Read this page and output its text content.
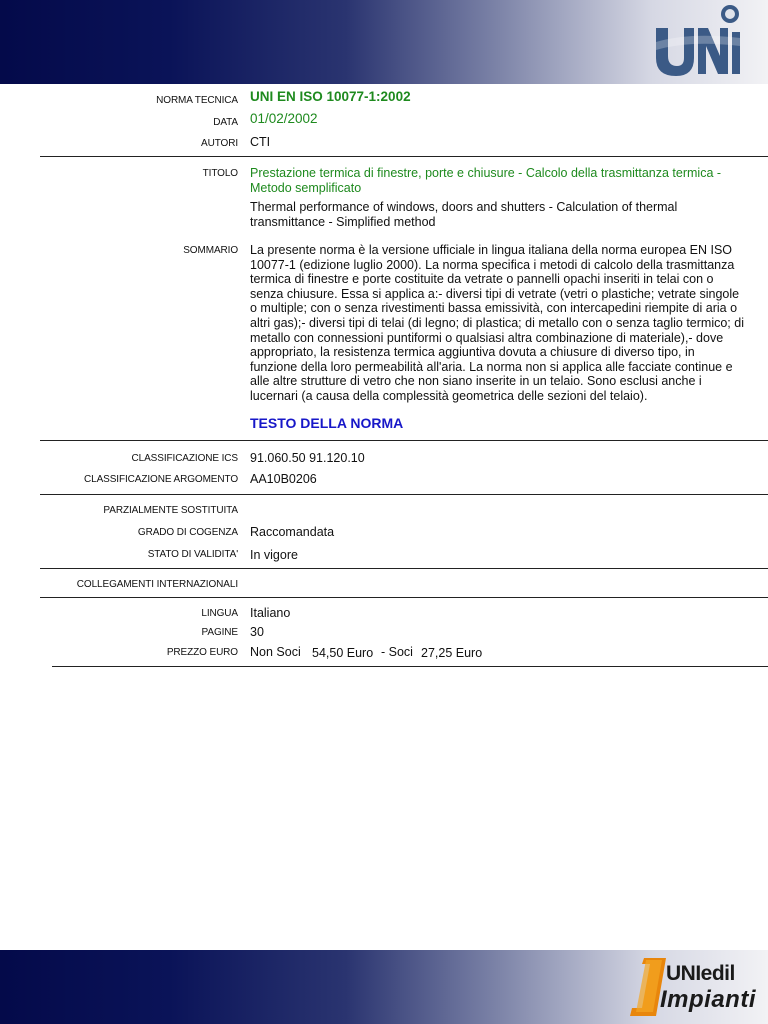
NORMA TECNICA UNI EN ISO 10077-1:2002
DATA 01/02/2002
AUTORI CTI
TITOLO Prestazione termica di finestre, porte e chiusure - Calcolo della trasmittanza termica - Metodo semplificato
Thermal performance of windows, doors and shutters - Calculation of thermal transmittance - Simplified method
SOMMARIO La presente norma è la versione ufficiale in lingua italiana della norma europea EN ISO 10077-1 (edizione luglio 2000). La norma specifica i metodi di calcolo della trasmittanza termica di finestre e porte costituite da vetrate o pannelli opachi inseriti in telai con o senza chiusure. Essa si applica a:- diversi tipi di vetrate (vetri o plastiche; vetrate singole o multiple; con o senza rivestimenti bassa emissività, con intercapedini riempite di aria o altri gas);- diversi tipi di telai (di legno; di plastica; di metallo con o senza taglio termico; di metallo con connessioni puntiformi o qualsiasi altra combinazione di materiale),- dove appropriato, la resistenza termica aggiuntiva dovuta a chiusure di diverso tipo, in funzione della loro permeabilità all'aria. La norma non si applica alle facciate continue e alle altre strutture di vetro che non siano inserite in un telaio. Sono esclusi anche i lucernari (a causa della complessità geometrica delle sezioni del telaio).
TESTO DELLA NORMA
CLASSIFICAZIONE ICS 91.060.50 91.120.10
CLASSIFICAZIONE ARGOMENTO AA10B0206
PARZIALMENTE SOSTITUITA
GRADO DI COGENZA Raccomandata
STATO DI VALIDITA' In vigore
COLLEGAMENTI INTERNAZIONALI
LINGUA Italiano
PAGINE 30
PREZZO EURO Non Soci 54,50 Euro - Soci 27,25 Euro
UNIedil
Impianti
